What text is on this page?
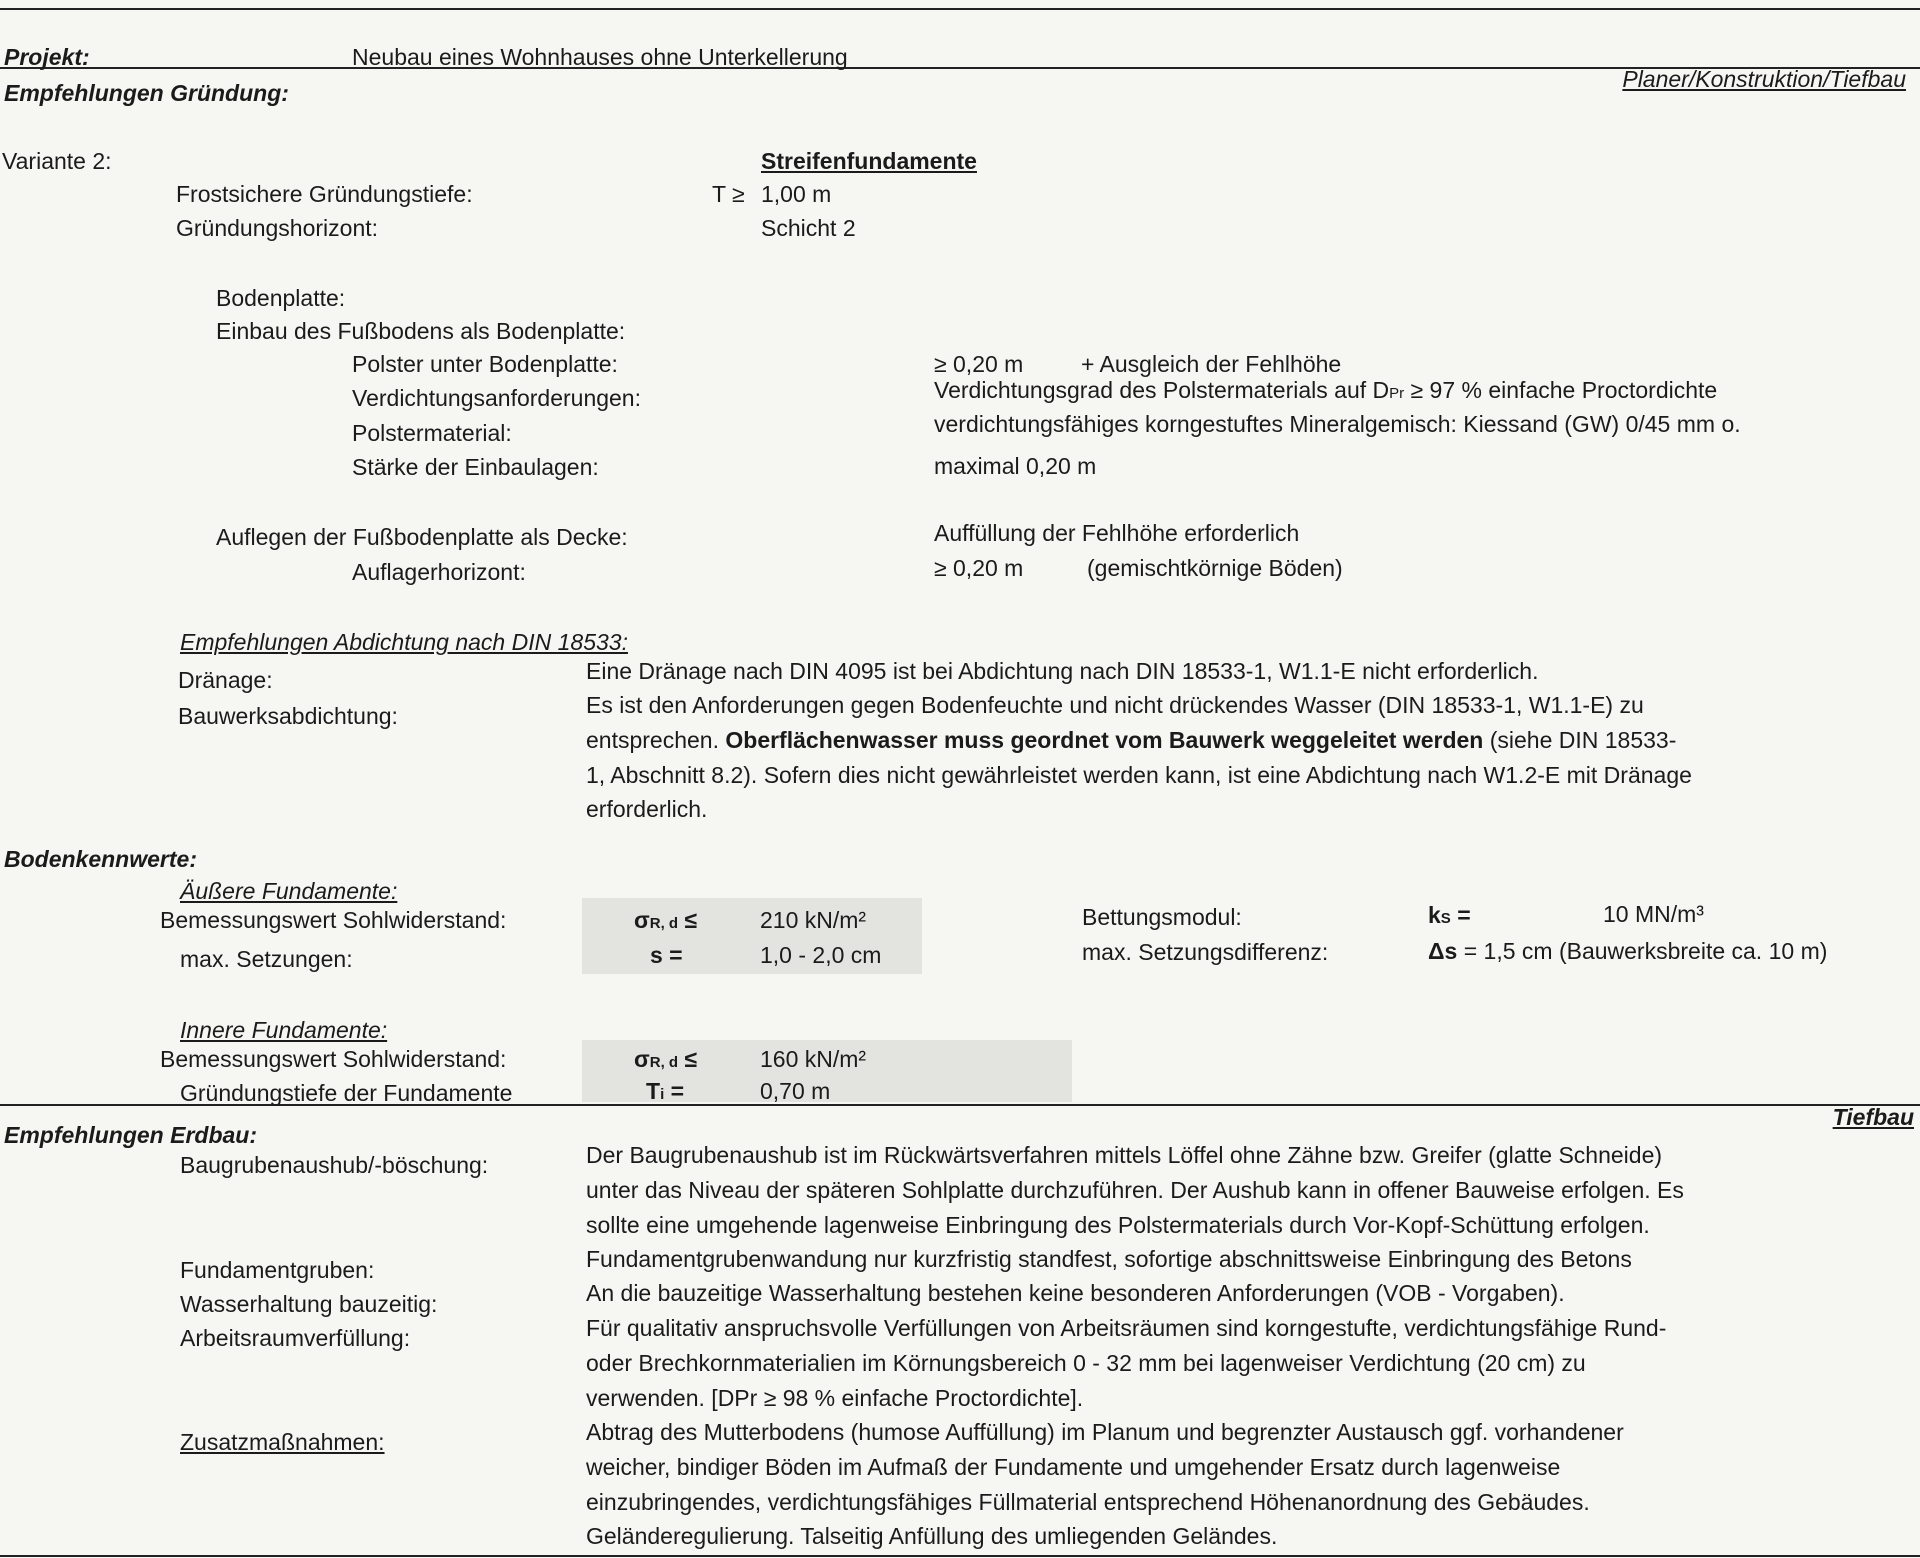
Projekt:	Neubau eines Wohnhauses ohne Unterkellerung
Empfehlungen Gründung:
Planer/Konstruktion/Tiefbau
Variante 2:	Streifenfundamente
Frostsichere Gründungstiefe:	T ≥ 1,00 m
Gründungshorizont:	Schicht 2
Bodenplatte:
Einbau des Fußbodens als Bodenplatte:
Polster unter Bodenplatte:	≥ 0,20 m	+ Ausgleich der Fehlhöhe
Verdichtungsanforderungen:	Verdichtungsgrad des Polstermaterials auf DPr ≥ 97 % einfache Proctordichte
Polstermaterial:	verdichtungsfähiges korngestuftes Mineralgemisch: Kiessand (GW) 0/45 mm o.
Stärke der Einbaulagen:	maximal 0,20 m
Auflegen der Fußbodenplatte als Decke:	Auffüllung der Fehlhöhe erforderlich
Auflagerhorizont:	≥ 0,20 m	(gemischtkörnige Böden)
Empfehlungen Abdichtung nach DIN 18533:
Dränage:	Eine Dränage nach DIN 4095 ist bei Abdichtung nach DIN 18533-1, W1.1-E nicht erforderlich.
Bauwerksabdichtung:	Es ist den Anforderungen gegen Bodenfeuchte und nicht drückendes Wasser (DIN 18533-1, W1.1-E) zu
entsprechen. Oberflächenwasser muss geordnet vom Bauwerk weggeleitet werden (siehe DIN 18533-
1, Abschnitt 8.2). Sofern dies nicht gewährleistet werden kann, ist eine Abdichtung nach W1.2-E mit Dränage
erforderlich.
Bodenkennwerte:
Äußere Fundamente:
Bemessungswert Sohlwiderstand:	σR, d ≤	210 kN/m²	Bettungsmodul:	kS =	10 MN/m³
max. Setzungen:	s =	1,0 - 2,0 cm	max. Setzungsdifferenz:	Δs = 1,5 cm (Bauwerksbreite ca. 10 m)
Innere Fundamente:
Bemessungswert Sohlwiderstand:	σR, d ≤	160 kN/m²
Gründungstiefe der Fundamente	Ti =	0,70 m
Empfehlungen Erdbau:
Tiefbau
Baugrubenaushub/-böschung:	Der Baugrubenaushub ist im Rückwärtsverfahren mittels Löffel ohne Zähne bzw. Greifer (glatte Schneide)
unter das Niveau der späteren Sohlplatte durchzuführen. Der Aushub kann in offener Bauweise erfolgen. Es
sollte eine umgehende lagenweise Einbringung des Polstermaterials durch Vor-Kopf-Schüttung erfolgen.
Fundamentgruben:	Fundamentgrubenwandung nur kurzfristig standfest, sofortige abschnittsweise Einbringung des Betons
Wasserhaltung bauzeitig:	An die bauzeitige Wasserhaltung bestehen keine besonderen Anforderungen (VOB - Vorgaben).
Arbeitsraumverfüllung:	Für qualitativ anspruchsvolle Verfüllungen von Arbeitsräumen sind korngestufte, verdichtungsfähige Rund-
oder Brechkornmaterialien im Körnungsbereich 0 - 32 mm bei lagenweiser Verdichtung (20 cm) zu
verwenden. [DPr ≥ 98 % einfache Proctordichte].
Zusatzmaßnahmen:	Abtrag des Mutterbodens (humose Auffüllung) im Planum und begrenzter Austausch ggf. vorhandener
weicher, bindiger Böden im Aufmaß der Fundamente und umgehender Ersatz durch lagenweise
einzubringendes, verdichtungsfähiges Füllmaterial entsprechend Höhenanordnung des Gebäudes.
Geländeregulierung. Talseitig Anfüllung des umliegenden Geländes.
